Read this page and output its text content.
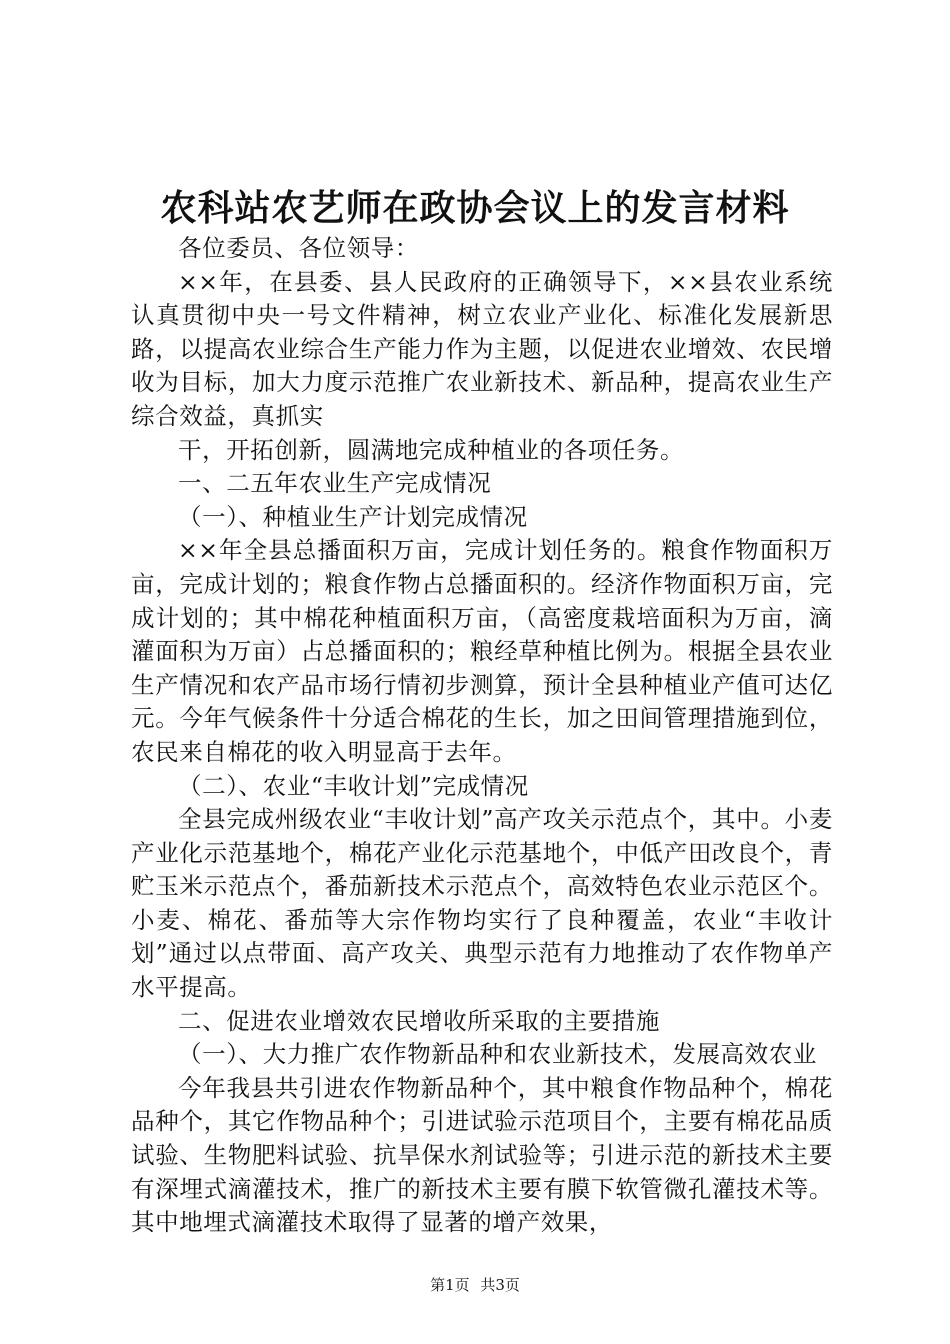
农科站农艺师在政协会议上的发言材料

各位委员、各位领导：

××年，在县委、县人民政府的正确领导下，××县农业系统认真贯彻中央一号文件精神，树立农业产业化、标准化发展新思路，以提高农业综合生产能力作为主题，以促进农业增效、农民增收为目标，加大力度示范推广农业新技术、新品种，提高农业生产综合效益，真抓实

干，开拓创新，圆满地完成种植业的各项任务。

一、二五年农业生产完成情况

（一）、种植业生产计划完成情况

××年全县总播面积万亩，完成计划任务的。粮食作物面积万亩，完成计划的；粮食作物占总播面积的。经济作物面积万亩，完成计划的；其中棉花种植面积万亩，（高密度栽培面积为万亩，滴灌面积为万亩）占总播面积的；粮经草种植比例为。根据全县农业生产情况和农产品市场行情初步测算，预计全县种植业产值可达亿元。今年气候条件十分适合棉花的生长，加之田间管理措施到位，农民来自棉花的收入明显高于去年。

（二）、农业“丰收计划”完成情况

全县完成州级农业“丰收计划”高产攻关示范点个，其中。小麦产业化示范基地个，棉花产业化示范基地个，中低产田改良个，青贮玉米示范点个，番茄新技术示范点个，高效特色农业示范区个。小麦、棉花、番茄等大宗作物均实行了良种覆盖，农业“丰收计划”通过以点带面、高产攻关、典型示范有力地推动了农作物单产水平提高。

二、促进农业增效农民增收所采取的主要措施

（一）、大力推广农作物新品种和农业新技术，发展高效农业

今年我县共引进农作物新品种个，其中粮食作物品种个，棉花品种个，其它作物品种个；引进试验示范项目个，主要有棉花品质试验、生物肥料试验、抗旱保水剂试验等；引进示范的新技术主要有深埋式滴灌技术，推广的新技术主要有膜下软管微孔灌技术等。其中地埋式滴灌技术取得了显著的增产效果，

第1页 共3页
